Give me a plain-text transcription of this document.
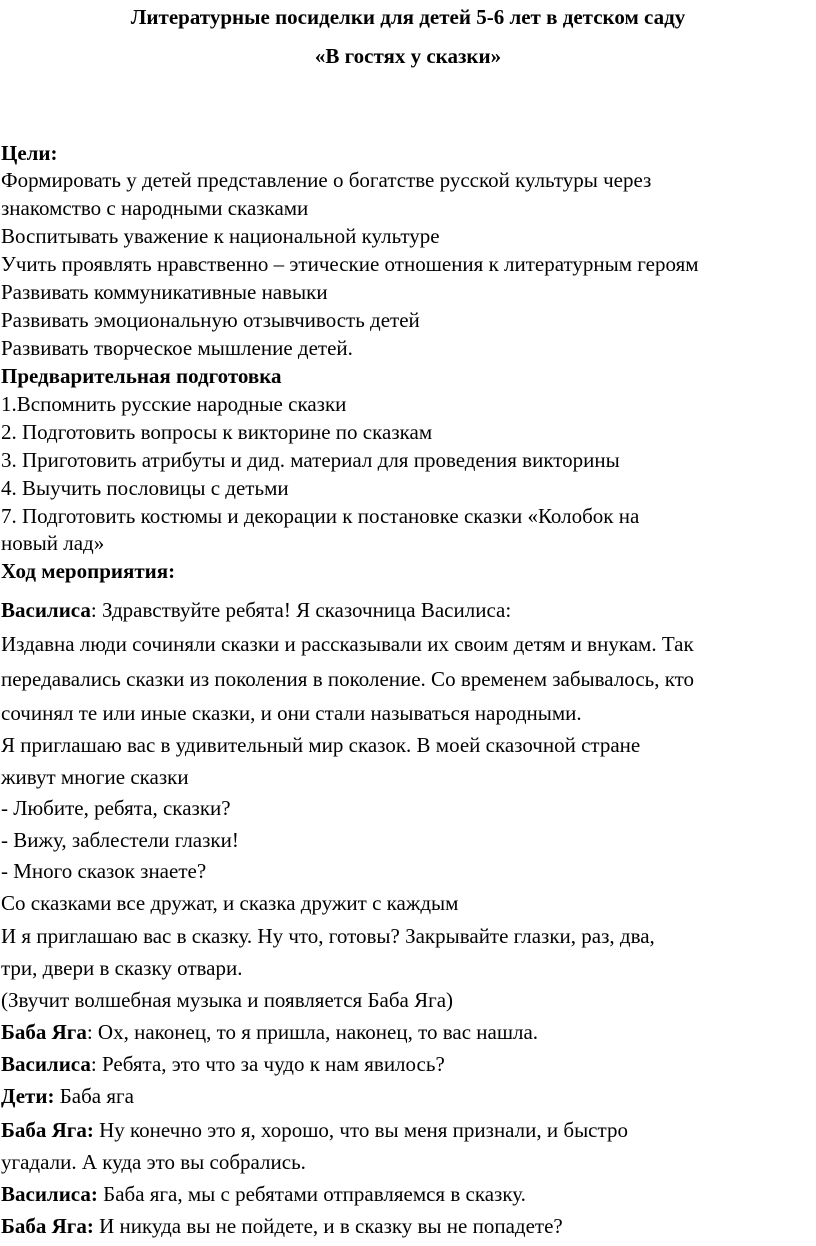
Литературные посиделки для детей 5-6 лет в детском саду
«В гостях у сказки»
Цели:
Формировать у детей представление о богатстве русской культуры через
знакомство с народными сказками
Воспитывать уважение к национальной культуре
Учить проявлять нравственно – этические отношения к литературным героям
Развивать коммуникативные навыки
Развивать эмоциональную отзывчивость детей
Развивать творческое мышление детей.
Предварительная подготовка
1.Вспомнить русские народные сказки
2. Подготовить вопросы к викторине по сказкам
3. Приготовить атрибуты и дид. материал для проведения викторины
4. Выучить пословицы с детьми
7. Подготовить костюмы и декорации к постановке сказки «Колобок на
новый лад»
Ход мероприятия:
Василиса: Здравствуйте ребята! Я сказочница Василиса:
Издавна люди сочиняли сказки и рассказывали их своим детям и внукам. Так
передавались сказки из поколения в поколение. Со временем забывалось, кто
сочинял те или иные сказки, и они стали называться народными.
Я приглашаю вас в удивительный мир сказок. В моей сказочной стране
живут многие сказки
- Любите, ребята, сказки?
- Вижу, заблестели глазки!
- Много сказок знаете?
Со сказками все дружат, и сказка дружит с каждым
И я приглашаю вас в сказку. Ну что, готовы? Закрывайте глазки, раз, два,
три, двери в сказку отвари.
(Звучит волшебная музыка и появляется Баба Яга)
Баба Яга: Ох, наконец, то я пришла, наконец, то вас нашла.
Василиса: Ребята, это что за чудо к нам явилось?
Дети: Баба яга
Баба Яга: Ну конечно это я, хорошо, что вы меня признали, и быстро
угадали. А куда это вы собрались.
Василиса: Баба яга, мы с ребятами отправляемся в сказку.
Баба Яга: И никуда вы не пойдете, и в сказку вы не попадете?
